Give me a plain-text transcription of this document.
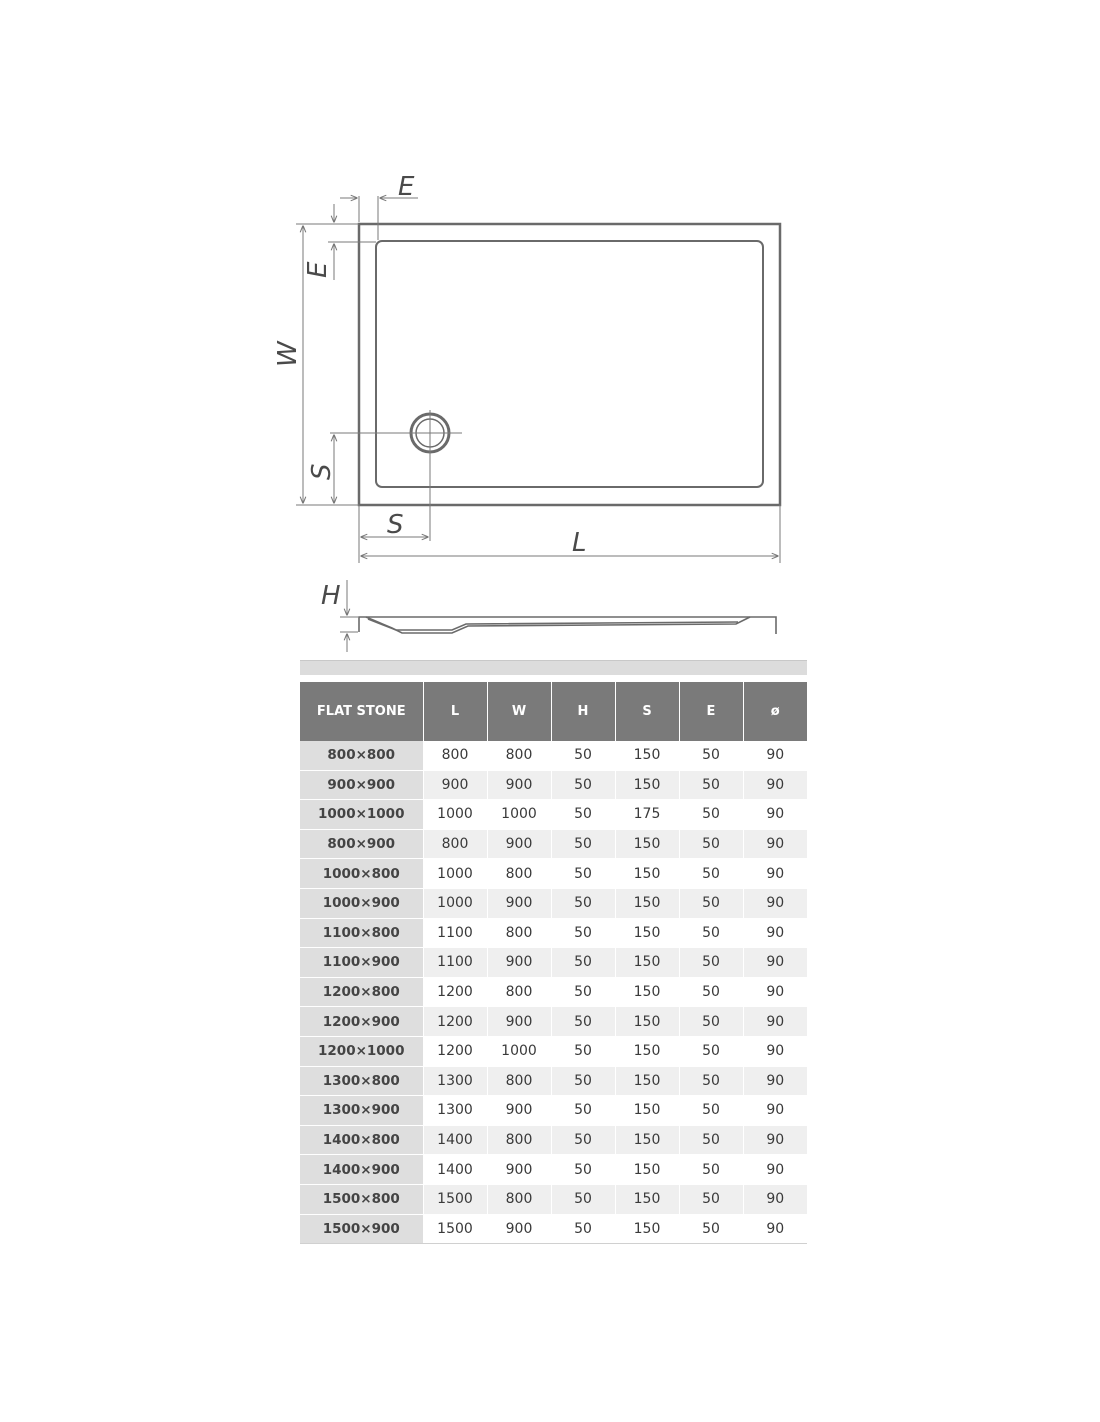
E
E
W
S
S
L
H
FLAT STONE	L	W	H	S	E	ø
800×800	800	800	50	150	50	90
900×900	900	900	50	150	50	90
1000×1000	1000	1000	50	175	50	90
800×900	800	900	50	150	50	90
1000×800	1000	800	50	150	50	90
1000×900	1000	900	50	150	50	90
1100×800	1100	800	50	150	50	90
1100×900	1100	900	50	150	50	90
1200×800	1200	800	50	150	50	90
1200×900	1200	900	50	150	50	90
1200×1000	1200	1000	50	150	50	90
1300×800	1300	800	50	150	50	90
1300×900	1300	900	50	150	50	90
1400×800	1400	800	50	150	50	90
1400×900	1400	900	50	150	50	90
1500×800	1500	800	50	150	50	90
1500×900	1500	900	50	150	50	90
